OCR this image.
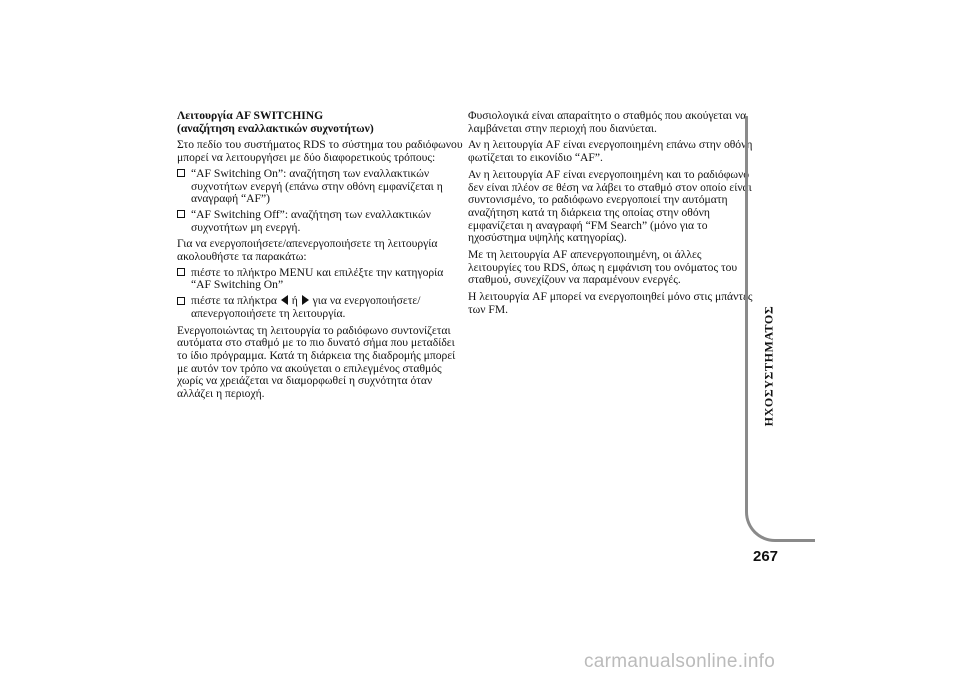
Λειτουργία AF SWITCHING
(αναζήτηση εναλλακτικών συχνοτήτων)

Στο πεδίο του συστήματος RDS το σύστημα του ραδιόφωνου μπορεί να λειτουργήσει με δύο διαφορετικούς τρόπους:

“AF Switching On”: αναζήτηση των εναλλακτικών συχνοτήτων ενεργή (επάνω στην οθόνη εμφανίζεται η αναγραφή “AF”)
“AF Switching Off”: αναζήτηση των εναλλακτικών συχνοτήτων μη ενεργή.

Για να ενεργοποιήσετε/απενεργοποιήσετε τη λειτουργία ακολουθήστε τα παρακάτω:

πιέστε το πλήκτρο MENU και επιλέξτε την κατηγορία “AF Switching On”
πιέστε τα πλήκτρα ή για να ενεργοποιήσετε/απενεργοποιήσετε τη λειτουργία.

Ενεργοποιώντας τη λειτουργία το ραδιόφωνο συντονίζεται αυτόματα στο σταθμό με το πιο δυνατό σήμα που μεταδίδει το ίδιο πρόγραμμα. Κατά τη διάρκεια της διαδρομής μπορεί με αυτόν τον τρόπο να ακούγεται ο επιλεγμένος σταθμός χωρίς να χρειάζεται να διαμορφωθεί η συχνότητα όταν αλλάζει η περιοχή.

Φυσιολογικά είναι απαραίτητο ο σταθμός που ακούγεται να λαμβάνεται στην περιοχή που διανύεται.

Αν η λειτουργία AF είναι ενεργοποιημένη επάνω στην οθόνη φωτίζεται το εικονίδιο “AF”.

Αν η λειτουργία AF είναι ενεργοποιημένη και το ραδιόφωνο δεν είναι πλέον σε θέση να λάβει το σταθμό στον οποίο είναι συντονισμένο, το ραδιόφωνο ενεργοποιεί την αυτόματη αναζήτηση κατά τη διάρκεια της οποίας στην οθόνη εμφανίζεται η αναγραφή “FM Search” (μόνο για το ηχοσύστημα υψηλής κατηγορίας).

Με τη λειτουργία AF απενεργοποιημένη, οι άλλες λειτουργίες του RDS, όπως η εμφάνιση του ονόματος του σταθμού, συνεχίζουν να παραμένουν ενεργές.

Η λειτουργία AF μπορεί να ενεργοποιηθεί μόνο στις μπάντες των FM.	ΗΧΟΣΥΣΤΗΜΑΤΟΣ
267
carmanualsonline.info
